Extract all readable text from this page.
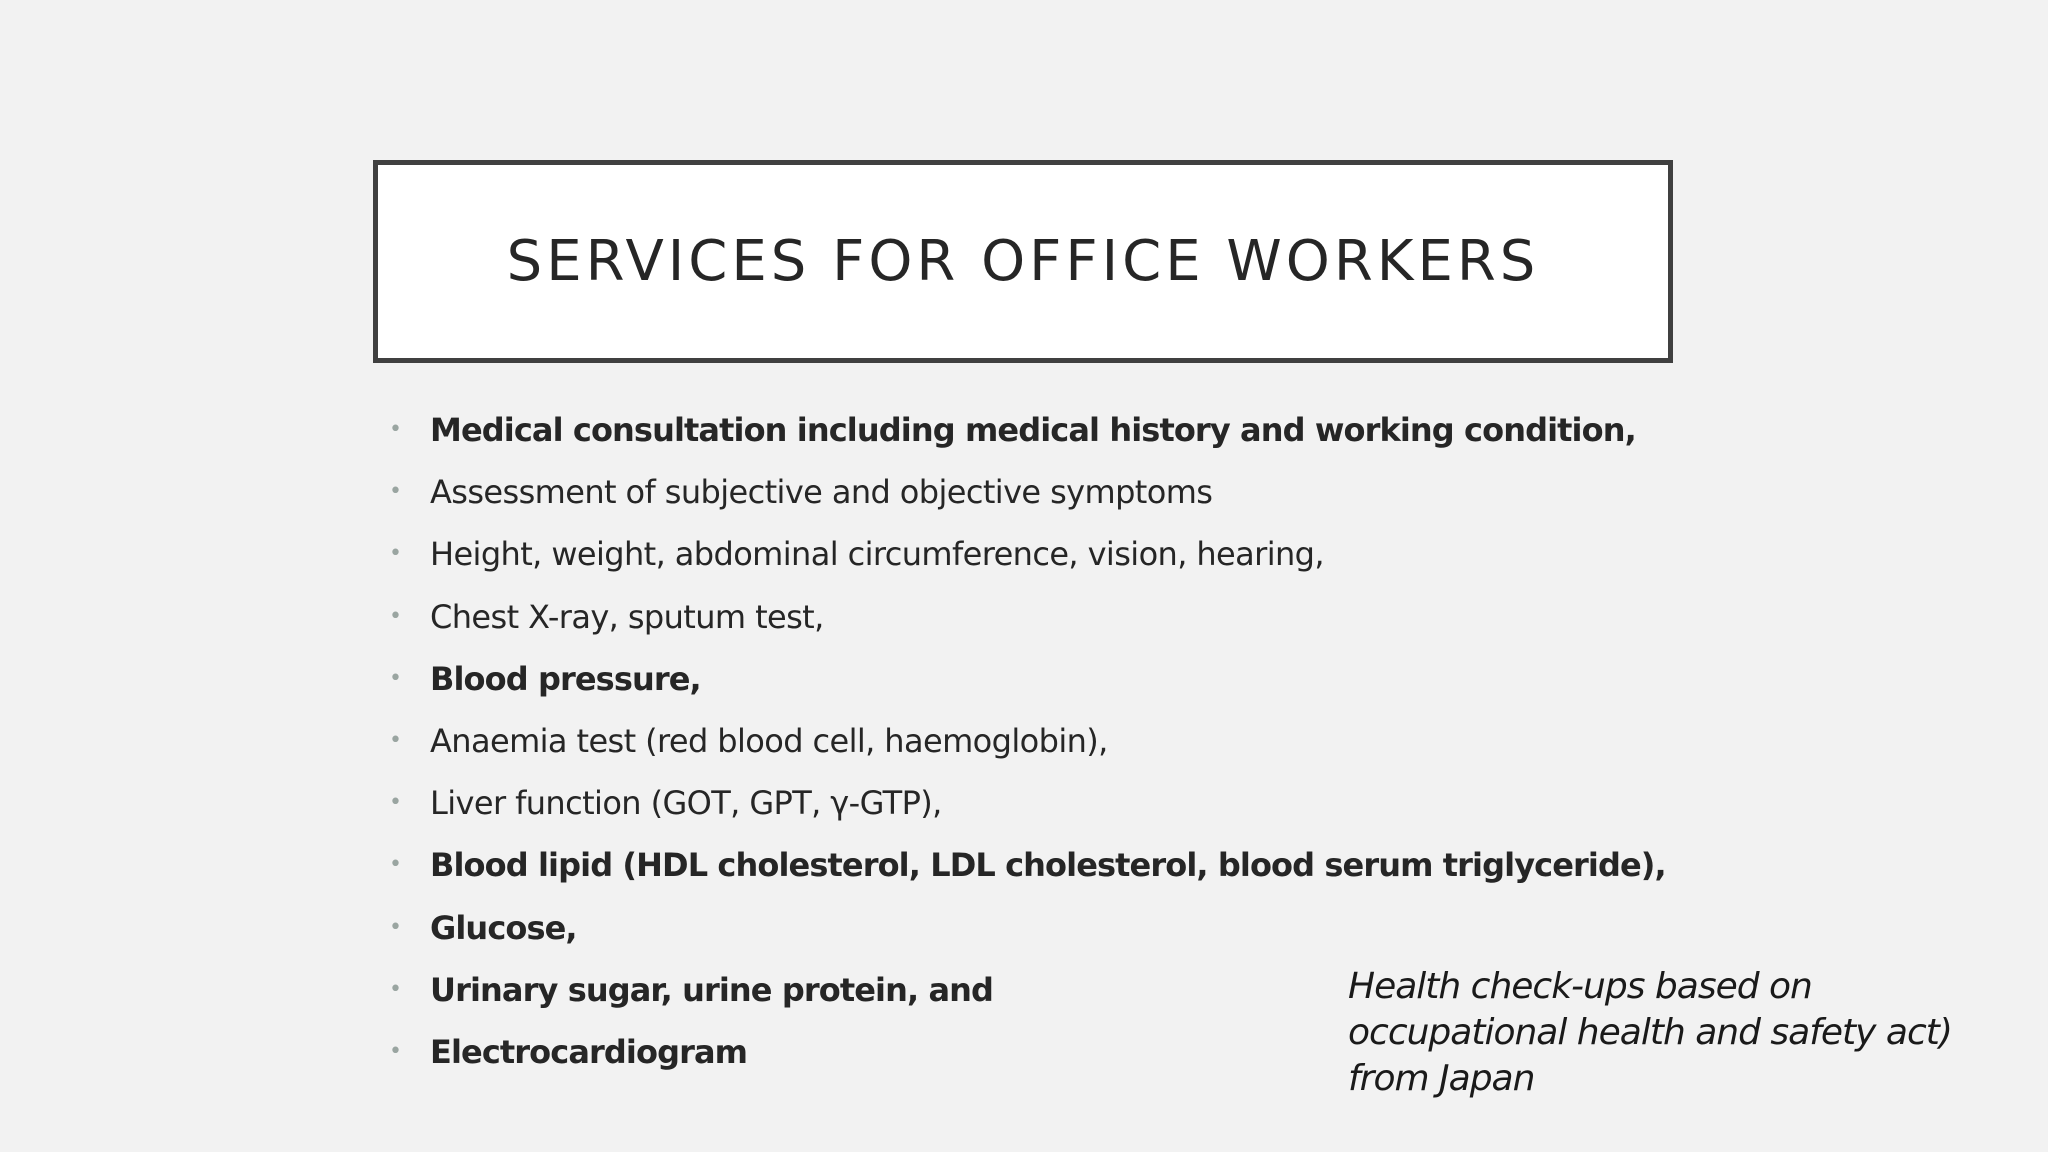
SERVICES FOR OFFICE WORKERS
• Medical consultation including medical history and working condition,
• Assessment of subjective and objective symptoms
• Height, weight, abdominal circumference, vision, hearing,
• Chest X-ray, sputum test,
• Blood pressure,
• Anaemia test (red blood cell, haemoglobin),
• Liver function (GOT, GPT, γ-GTP),
• Blood lipid (HDL cholesterol, LDL cholesterol, blood serum triglyceride),
• Glucose,
• Urinary sugar, urine protein, and
• Electrocardiogram
Health check-ups based on
occupational health and safety act)
from Japan
